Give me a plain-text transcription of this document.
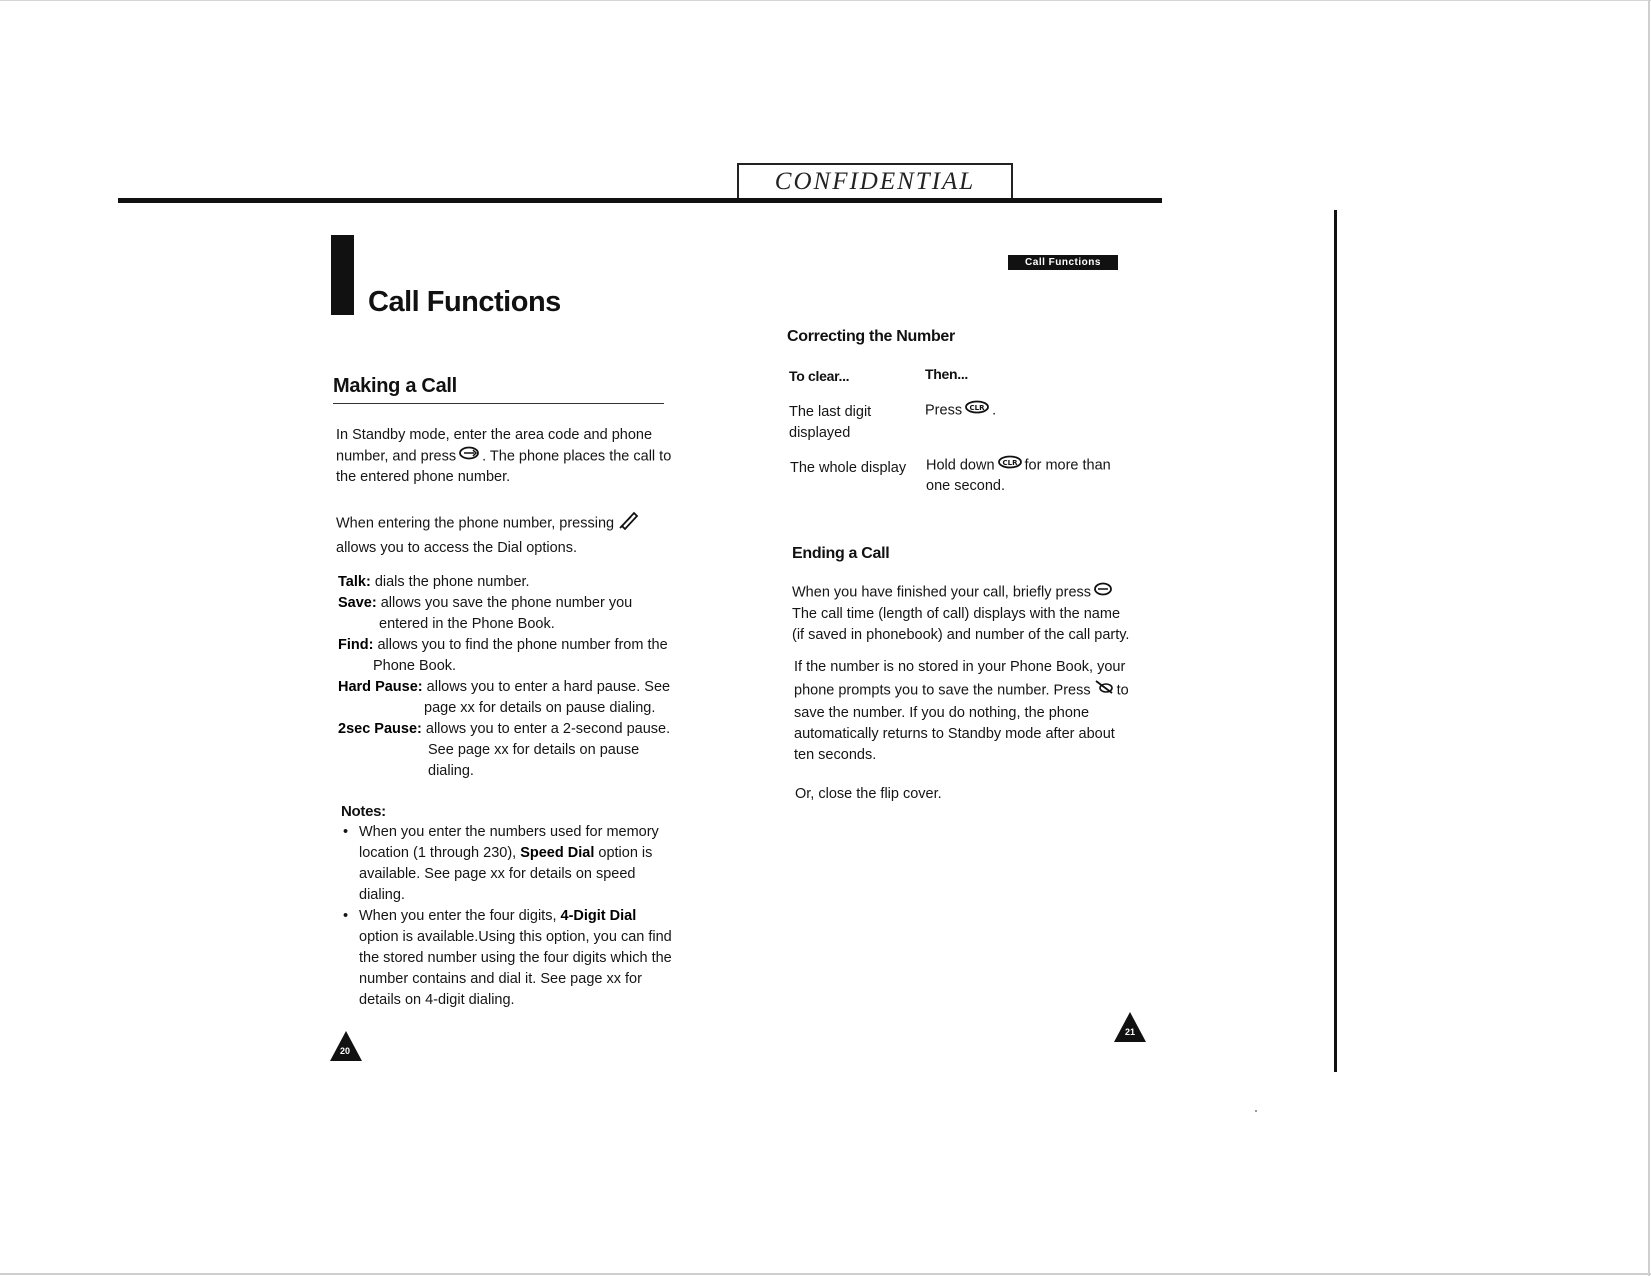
CONFIDENTIAL
Call Functions
Call Functions
Making a Call
In Standby mode, enter the area code and phone
number, and press . The phone places the call to
the entered phone number.
When entering the phone number, pressing
allows you to access the Dial options.
Talk: dials the phone number.
Save: allows you save the phone number you
entered in the Phone Book.
Find: allows you to find the phone number from the
Phone Book.
Hard Pause: allows you to enter a hard pause. See
page xx for details on pause dialing.
2sec Pause: allows you to enter a 2-second pause.
See page xx for details on pause
dialing.
Notes:
• When you enter the numbers used for memory
location (1 through 230), Speed Dial option is
available. See page xx for details on speed dialing.
• When you enter the four digits, 4-Digit Dial
option is available.Using this option, you can find
the stored number using the four digits which the
number contains and dial it. See page xx for
details on 4-digit dialing.
20
Correcting the Number
To clear...	Then...
The last digit
displayed
Press CLR .
The whole display Hold down CLR for more than
one second.
Ending a Call
When you have finished your call, briefly press
The call time (length of call) displays with the name
(if saved in phonebook) and number of the call party.
If the number is no stored in your Phone Book, your
phone prompts you to save the number. Press to
save the number. If you do nothing, the phone
automatically returns to Standby mode after about
ten seconds.
Or, close the flip cover.
21
